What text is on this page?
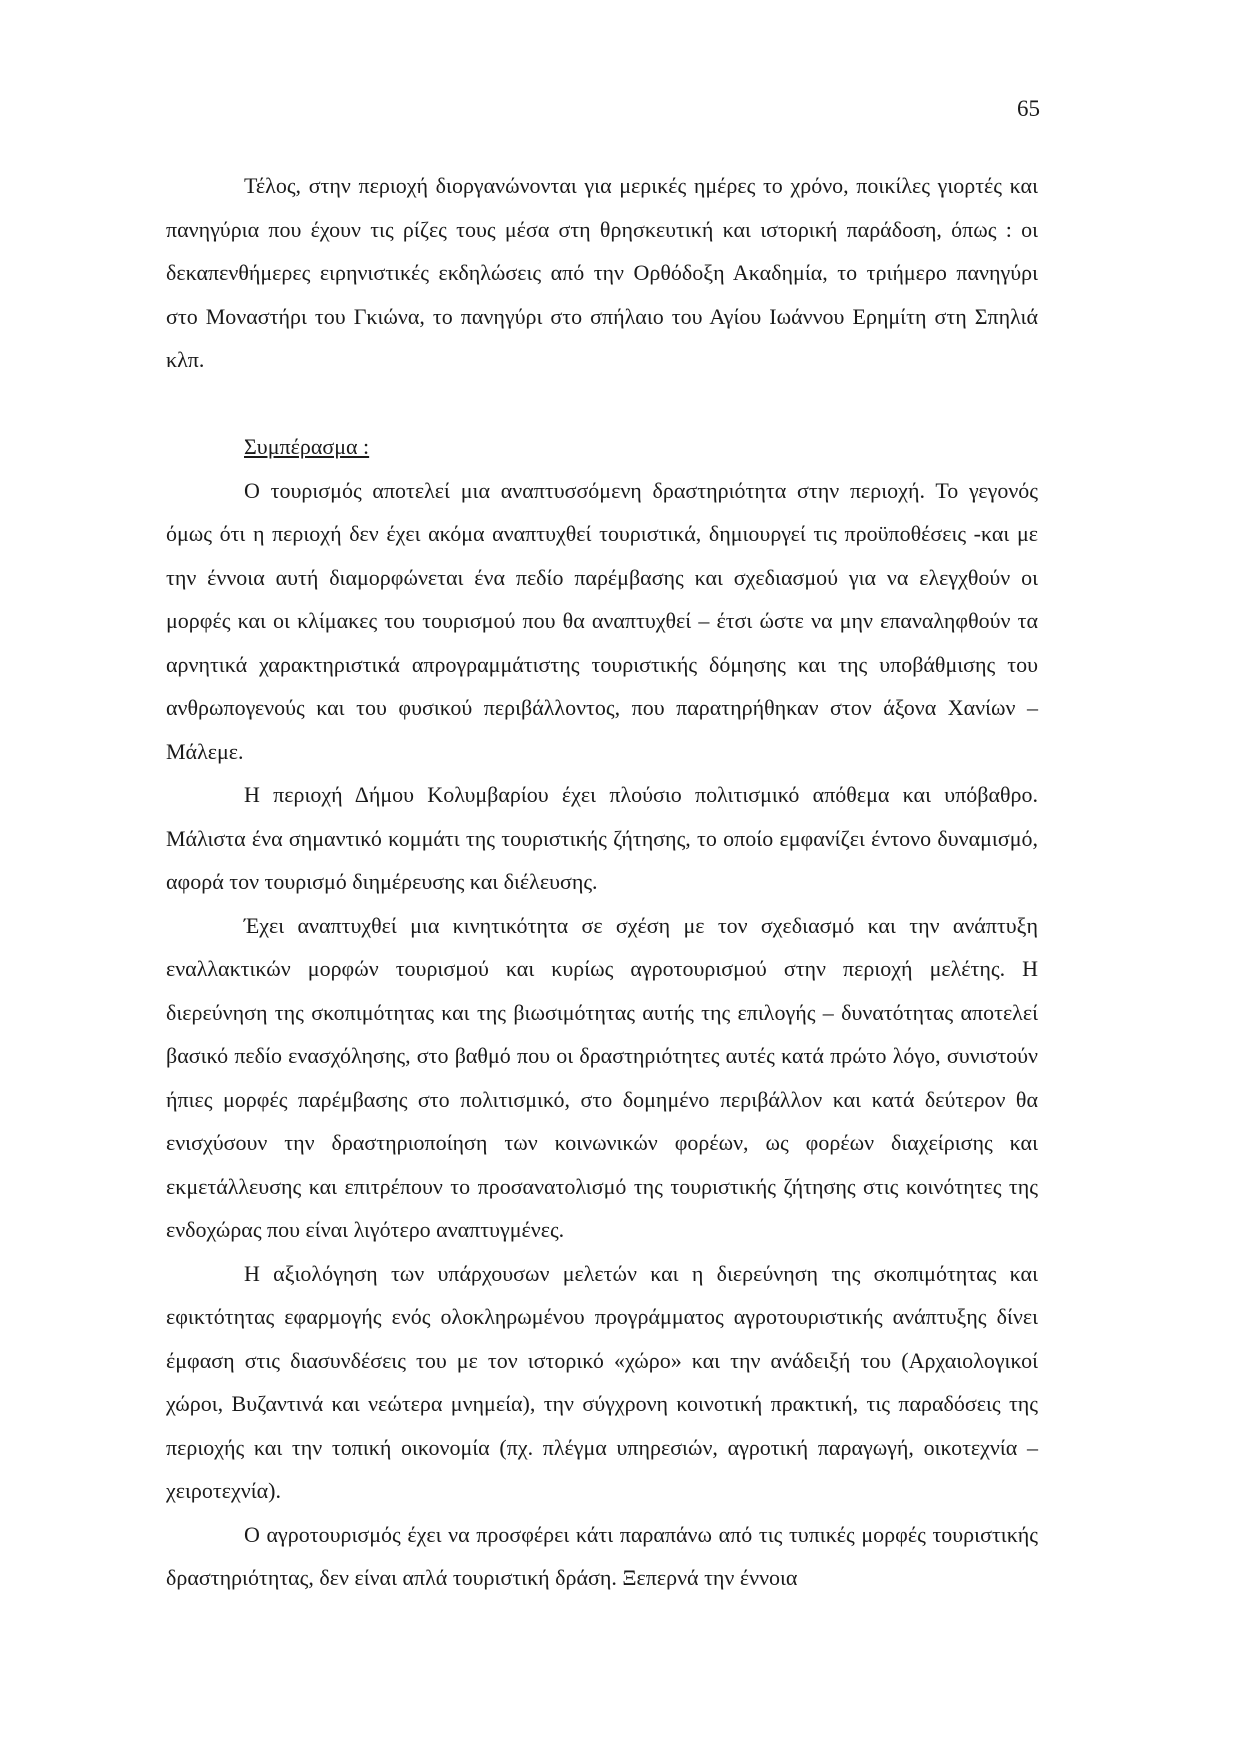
65

Τέλος, στην περιοχή διοργανώνονται για μερικές ημέρες το χρόνο, ποικίλες γιορτές και πανηγύρια που έχουν τις ρίζες τους μέσα στη θρησκευτική και ιστορική παράδοση, όπως : οι δεκαπενθήμερες ειρηνιστικές εκδηλώσεις από την Ορθόδοξη Ακαδημία, το τριήμερο πανηγύρι στο Μοναστήρι του Γκιώνα, το πανηγύρι στο σπήλαιο του Αγίου Ιωάννου Ερημίτη στη Σπηλιά κλπ.

Συμπέρασμα :

Ο τουρισμός αποτελεί μια αναπτυσσόμενη δραστηριότητα στην περιοχή. Το γεγονός όμως ότι η περιοχή δεν έχει ακόμα αναπτυχθεί τουριστικά, δημιουργεί τις προϋποθέσεις -και με την έννοια αυτή διαμορφώνεται ένα πεδίο παρέμβασης και σχεδιασμού για να ελεγχθούν οι μορφές και οι κλίμακες του τουρισμού που θα αναπτυχθεί – έτσι ώστε να μην επαναληφθούν τα αρνητικά χαρακτηριστικά απρογραμμάτιστης τουριστικής δόμησης και της υποβάθμισης του ανθρωπογενούς και του φυσικού περιβάλλοντος, που παρατηρήθηκαν στον άξονα Χανίων – Μάλεμε.

Η περιοχή Δήμου Κολυμβαρίου έχει πλούσιο πολιτισμικό απόθεμα και υπόβαθρο. Μάλιστα ένα σημαντικό κομμάτι της τουριστικής ζήτησης, το οποίο εμφανίζει έντονο δυναμισμό, αφορά τον τουρισμό διημέρευσης και διέλευσης.

Έχει αναπτυχθεί μια κινητικότητα σε σχέση με τον σχεδιασμό και την ανάπτυξη εναλλακτικών μορφών τουρισμού και κυρίως αγροτουρισμού στην περιοχή μελέτης. Η διερεύνηση της σκοπιμότητας και της βιωσιμότητας αυτής της επιλογής – δυνατότητας αποτελεί βασικό πεδίο ενασχόλησης, στο βαθμό που οι δραστηριότητες αυτές κατά πρώτο λόγο, συνιστούν ήπιες μορφές παρέμβασης στο πολιτισμικό, στο δομημένο περιβάλλον και κατά δεύτερον θα ενισχύσουν την δραστηριοποίηση των κοινωνικών φορέων, ως φορέων διαχείρισης και εκμετάλλευσης και επιτρέπουν το προσανατολισμό της τουριστικής ζήτησης στις κοινότητες της ενδοχώρας που είναι λιγότερο αναπτυγμένες.

Η αξιολόγηση των υπάρχουσων μελετών και η διερεύνηση της σκοπιμότητας και εφικτότητας εφαρμογής ενός ολοκληρωμένου προγράμματος αγροτουριστικής ανάπτυξης δίνει έμφαση στις διασυνδέσεις του με τον ιστορικό «χώρο» και την ανάδειξή του (Αρχαιολογικοί χώροι, Βυζαντινά και νεώτερα μνημεία), την σύγχρονη κοινοτική πρακτική, τις παραδόσεις της περιοχής και την τοπική οικονομία (πχ. πλέγμα υπηρεσιών, αγροτική παραγωγή, οικοτεχνία – χειροτεχνία).

Ο αγροτουρισμός έχει να προσφέρει κάτι παραπάνω από τις τυπικές μορφές τουριστικής δραστηριότητας, δεν είναι απλά τουριστική δράση. Ξεπερνά την έννοια
